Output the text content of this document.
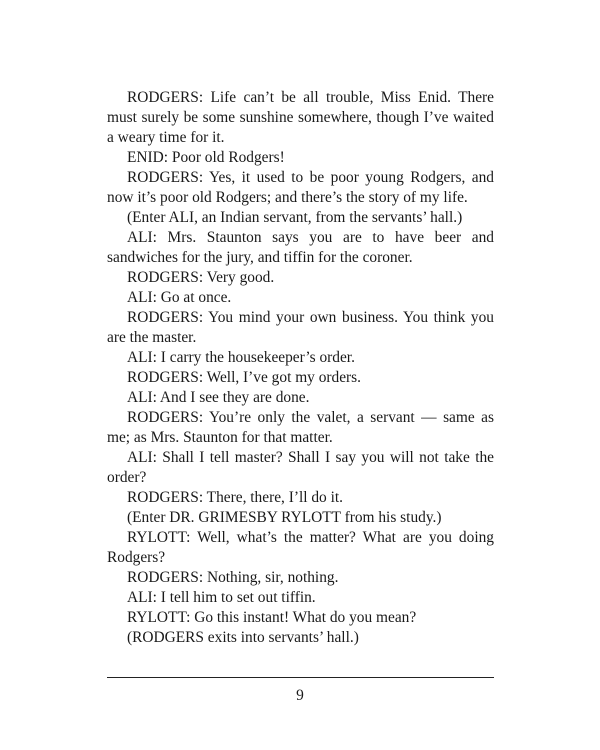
RODGERS: Life can’t be all trouble, Miss Enid. There must surely be some sunshine somewhere, though I’ve waited a weary time for it.

ENID: Poor old Rodgers!

RODGERS: Yes, it used to be poor young Rodgers, and now it’s poor old Rodgers; and there’s the story of my life.

(Enter ALI, an Indian servant, from the servants’ hall.)

ALI: Mrs. Staunton says you are to have beer and sandwiches for the jury, and tiffin for the coroner.

RODGERS: Very good.

ALI: Go at once.

RODGERS: You mind your own business. You think you are the master.

ALI: I carry the housekeeper’s order.

RODGERS: Well, I’ve got my orders.

ALI: And I see they are done.

RODGERS: You’re only the valet, a servant — same as me; as Mrs. Staunton for that matter.

ALI: Shall I tell master? Shall I say you will not take the order?

RODGERS: There, there, I’ll do it.

(Enter DR. GRIMESBY RYLOTT from his study.)

RYLOTT: Well, what’s the matter? What are you doing Rodgers?

RODGERS: Nothing, sir, nothing.

ALI: I tell him to set out tiffin.

RYLOTT: Go this instant! What do you mean?

(RODGERS exits into servants’ hall.)

9
